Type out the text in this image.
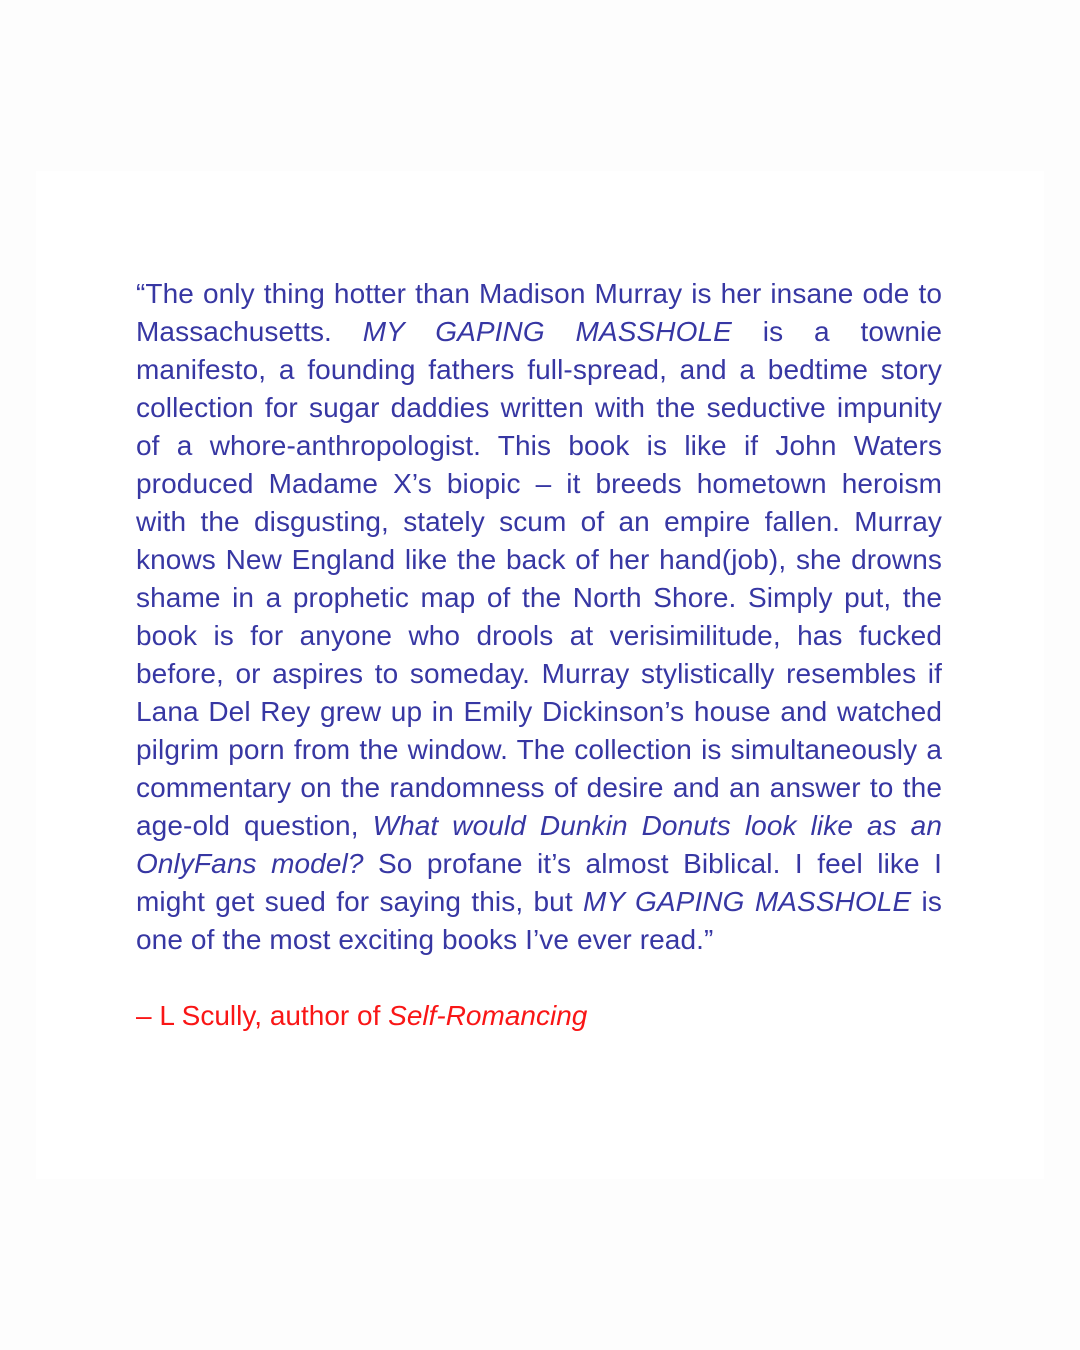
“The only thing hotter than Madison Murray is her insane ode to Massachusetts. MY GAPING MASSHOLE is a townie manifesto, a founding fathers full-spread, and a bedtime story collection for sugar daddies written with the seductive impunity of a whore-anthropologist. This book is like if John Waters produced Madame X’s biopic – it breeds hometown heroism with the disgusting, stately scum of an empire fallen. Murray knows New England like the back of her hand(job), she drowns shame in a prophetic map of the North Shore. Simply put, the book is for anyone who drools at verisimilitude, has fucked before, or aspires to someday. Murray stylistically resembles if Lana Del Rey grew up in Emily Dickinson’s house and watched pilgrim porn from the window. The collection is simultaneously a commentary on the randomness of desire and an answer to the age-old question, What would Dunkin Donuts look like as an OnlyFans model? So profane it’s almost Biblical. I feel like I might get sued for saying this, but MY GAPING MASSHOLE is one of the most exciting books I’ve ever read.”

– L Scully, author of Self-Romancing
